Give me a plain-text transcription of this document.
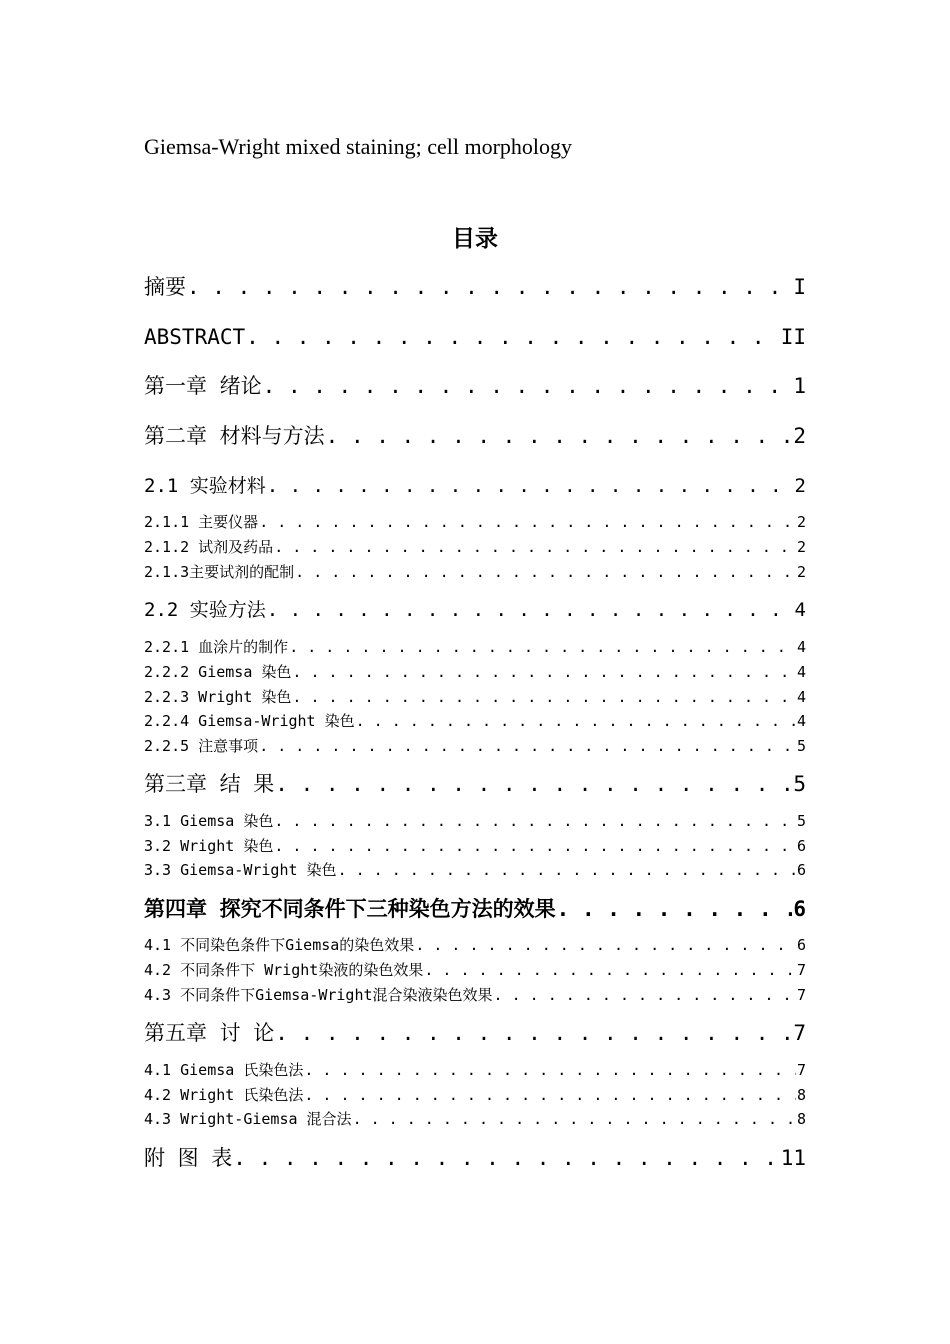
Giemsa-Wright mixed staining; cell morphology
目录
摘要 . . .	I
ABSTRACT . . .	II
第一章 绪论 . . .	1
第二章 材料与方法 . . .	2
2.1 实验材料 . . .	2
2.1.1 主要仪器 . . .	2
2.1.2 试剂及药品 . . .	2
2.1.3主要试剂的配制 . . .	2
2.2 实验方法 . . .	4
2.2.1 血涂片的制作 . . .	4
2.2.2 Giemsa 染色 . . .	4
2.2.3 Wright 染色 . . .	4
2.2.4 Giemsa-Wright 染色 . . .	4
2.2.5 注意事项 . . .	5
第三章 结 果 . . .	5
3.1 Giemsa 染色 . . .	5
3.2 Wright 染色 . . .	6
3.3 Giemsa-Wright 染色 . . .	6
第四章 探究不同条件下三种染色方法的效果 . . .	6
4.1 不同染色条件下Giemsa的染色效果 . . .	6
4.2 不同条件下 Wright染液的染色效果 . . .	7
4.3 不同条件下Giemsa-Wright混合染液染色效果 . . .	7
第五章 讨 论 . . .	7
4.1 Giemsa 氏染色法 . . .	7
4.2 Wright 氏染色法 . . .	8
4.3 Wright-Giemsa 混合法 . . .	8
附 图 表 . . .	11
